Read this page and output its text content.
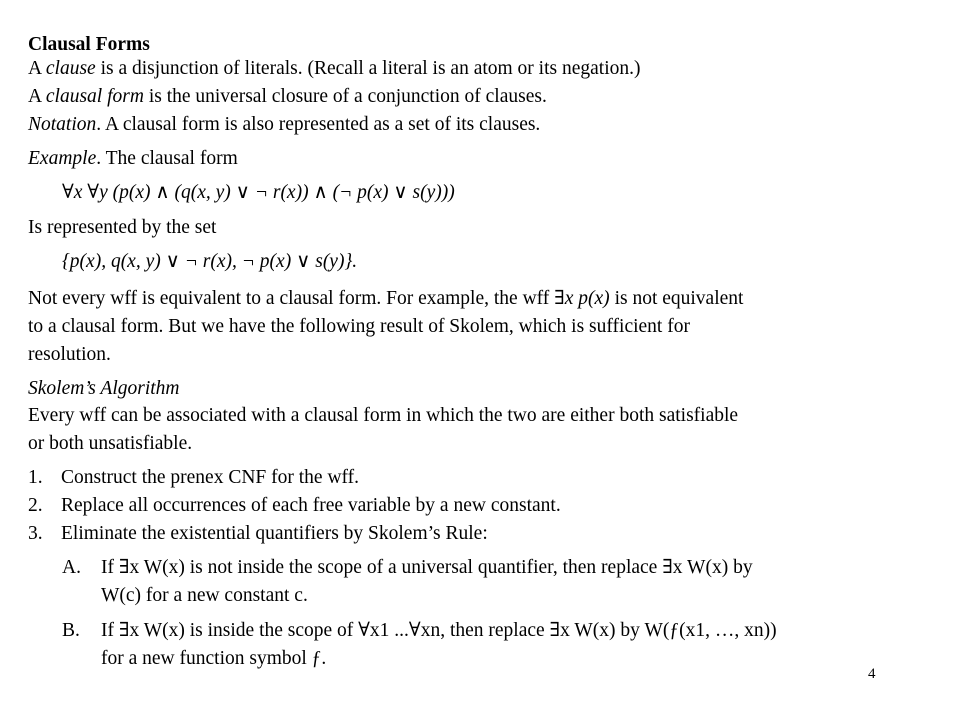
Clausal Forms
A clause is a disjunction of literals. (Recall a literal is an atom or its negation.)
A clausal form is the universal closure of a conjunction of clauses.
Notation. A clausal form is also represented as a set of its clauses.
Example. The clausal form
∀x ∀y (p(x) ∧ (q(x, y) ∨ ¬ r(x)) ∧ (¬ p(x) ∨ s(y)))
Is represented by the set
{p(x), q(x, y) ∨ ¬ r(x), ¬ p(x) ∨ s(y)}.
Not every wff is equivalent to a clausal form. For example, the wff ∃x p(x) is not equivalent
to a clausal form. But we have the following result of Skolem, which is sufficient for
resolution.
Skolem’s Algorithm
Every wff can be associated with a clausal form in which the two are either both satisfiable
or both unsatisfiable.
1. Construct the prenex CNF for the wff.
2. Replace all occurrences of each free variable by a new constant.
3. Eliminate the existential quantifiers by Skolem’s Rule:
A. If ∃x W(x) is not inside the scope of a universal quantifier, then replace ∃x W(x) by
W(c) for a new constant c.
B. If ∃x W(x) is inside the scope of ∀x1 ...∀xn, then replace ∃x W(x) by W(ƒ(x1, …, xn))
for a new function symbol ƒ.
4
